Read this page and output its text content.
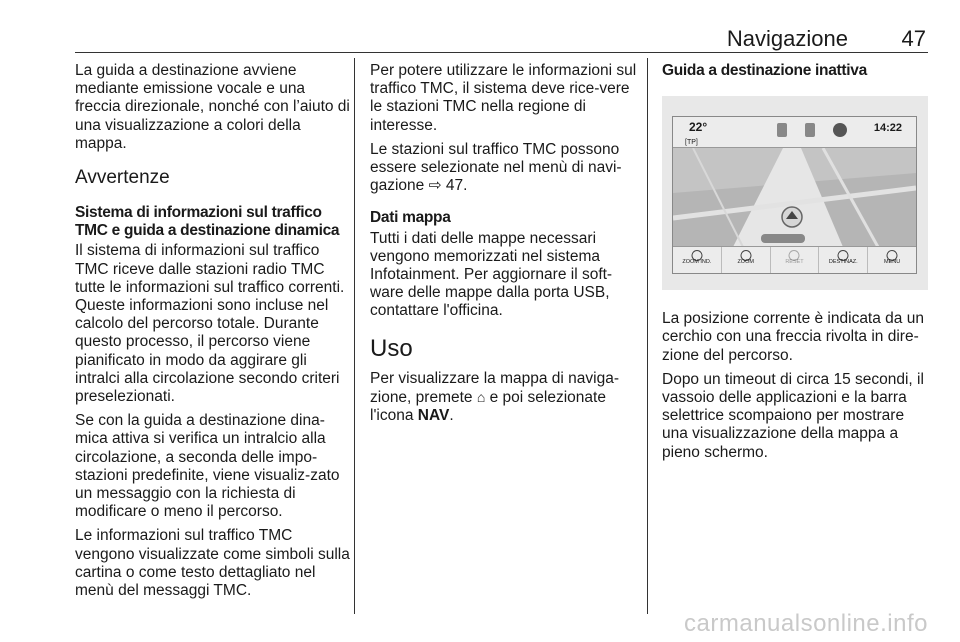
Navigazione 47

La guida a destinazione avviene mediante emissione vocale e una freccia direzionale, nonché con l’aiuto di una visualizzazione a colori della mappa.

Avvertenze
Sistema di informazioni sul traffico TMC e guida a destinazione dinamica

Il sistema di informazioni sul traffico TMC riceve dalle stazioni radio TMC tutte le informazioni sul traffico correnti. Queste informazioni sono incluse nel calcolo del percorso totale. Durante questo processo, il percorso viene pianificato in modo da aggirare gli intralci alla circolazione secondo criteri preselezionati.

Se con la guida a destinazione dina-mica attiva si verifica un intralcio alla circolazione, a seconda delle impo-stazioni predefinite, viene visualiz-zato un messaggio con la richiesta di modificare o meno il percorso.

Le informazioni sul traffico TMC vengono visualizzate come simboli sulla cartina o come testo dettagliato nel menù del messaggi TMC.

Per potere utilizzare le informazioni sul traffico TMC, il sistema deve rice-vere le stazioni TMC nella regione di interesse.

Le stazioni sul traffico TMC possono essere selezionate nel menù di navi-gazione ⇨ 47.

Dati mappa

Tutti i dati delle mappe necessari vengono memorizzati nel sistema Infotainment. Per aggiornare il soft-ware delle mappe dalla porta USB, contattare l'officina.

Uso

Per visualizzare la mappa di naviga-zione, premete ⌂ e poi selezionate l'icona NAV.

Guida a destinazione inattiva
22°
[TP]
14:22
ZOOM IND.	ZOOM	RESET	DESTINAZ.	MENU

La posizione corrente è indicata da un cerchio con una freccia rivolta in dire-zione del percorso.

Dopo un timeout di circa 15 secondi, il vassoio delle applicazioni e la barra selettrice scompaiono per mostrare una visualizzazione della mappa a pieno schermo.

carmanualsonline.info
